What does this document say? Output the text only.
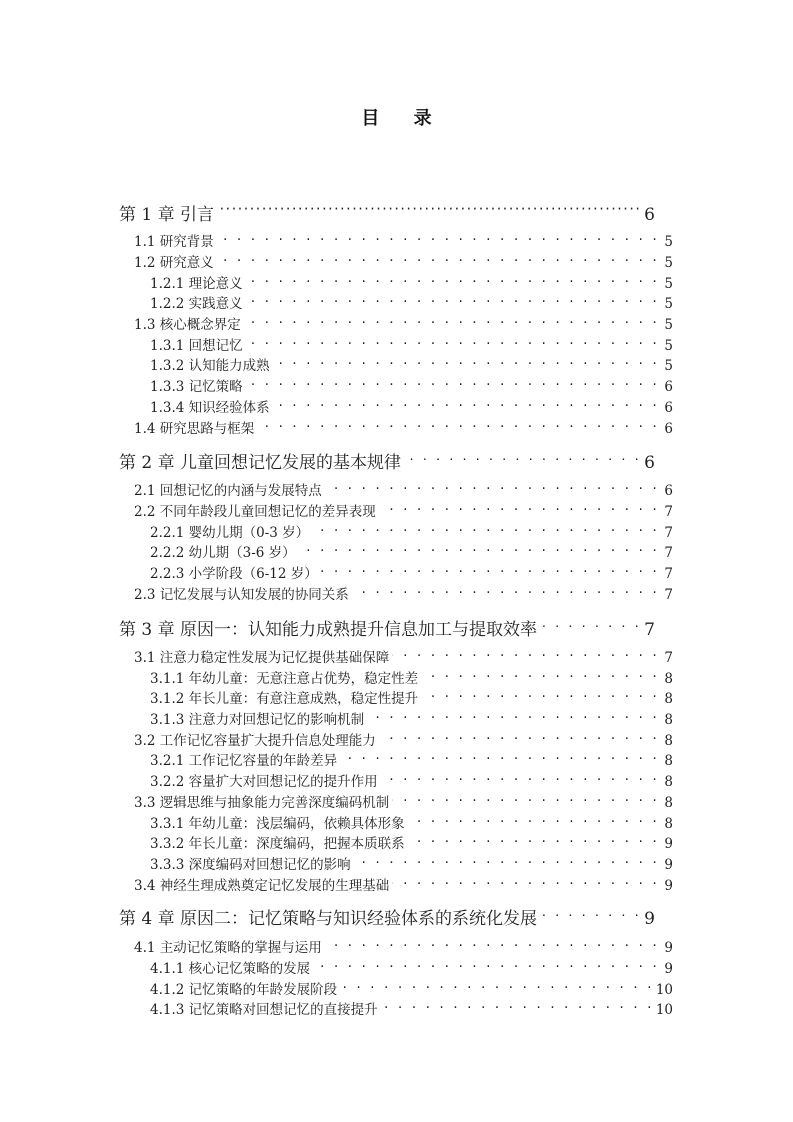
目 录
第 1 章 引言 ·····	6
1.1 研究背景 . . .	5
1.2 研究意义 . . .	5
1.2.1 理论意义 . . .	5
1.2.2 实践意义 . . .	5
1.3 核心概念界定 . . .	5
1.3.1 回想记忆 . . .	5
1.3.2 认知能力成熟 . . .	5
1.3.3 记忆策略 . . .	6
1.3.4 知识经验体系 . . .	6
1.4 研究思路与框架 . . .	6
第 2 章 儿童回想记忆发展的基本规律 . . .	6
2.1 回想记忆的内涵与发展特点 . . .	6
2.2 不同年龄段儿童回想记忆的差异表现 . . .	7
2.2.1 婴幼儿期（0-3 岁） . . .	7
2.2.2 幼儿期（3-6 岁） . . .	7
2.2.3 小学阶段（6-12 岁） . . .	7
2.3 记忆发展与认知发展的协同关系 . . .	7
第 3 章 原因一：认知能力成熟提升信息加工与提取效率 . . .	7
3.1 注意力稳定性发展为记忆提供基础保障 . . .	7
3.1.1 年幼儿童：无意注意占优势，稳定性差 . . .	8
3.1.2 年长儿童：有意注意成熟，稳定性提升 . . .	8
3.1.3 注意力对回想记忆的影响机制 . . .	8
3.2 工作记忆容量扩大提升信息处理能力 . . .	8
3.2.1 工作记忆容量的年龄差异 . . .	8
3.2.2 容量扩大对回想记忆的提升作用 . . .	8
3.3 逻辑思维与抽象能力完善深度编码机制 . . .	8
3.3.1 年幼儿童：浅层编码，依赖具体形象 . . .	8
3.3.2 年长儿童：深度编码，把握本质联系 . . .	9
3.3.3 深度编码对回想记忆的影响 . . .	9
3.4 神经生理成熟奠定记忆发展的生理基础 . . .	9
第 4 章 原因二：记忆策略与知识经验体系的系统化发展 . . .	9
4.1 主动记忆策略的掌握与运用 . . .	9
4.1.1 核心记忆策略的发展 . . .	9
4.1.2 记忆策略的年龄发展阶段 . . .	10
4.1.3 记忆策略对回想记忆的直接提升 . . .	10
